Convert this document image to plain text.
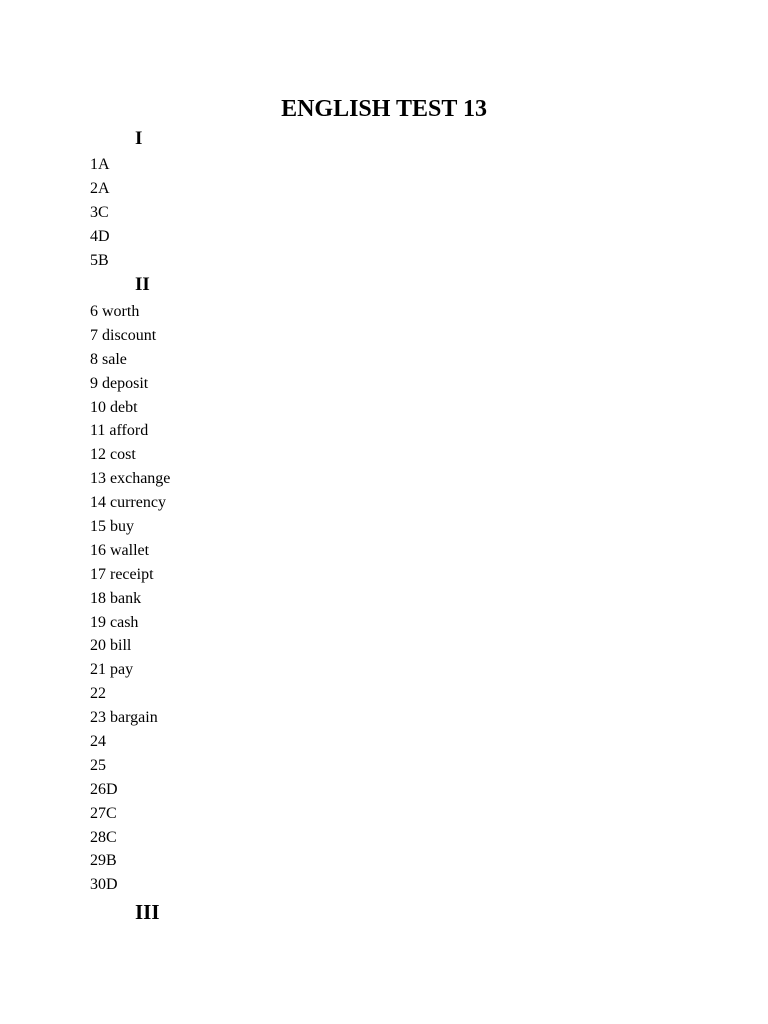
ENGLISH TEST 13
I
1A
2A
3C
4D
5B
II
6 worth
7 discount
8 sale
9 deposit
10 debt
11 afford
12 cost
13 exchange
14 currency
15 buy
16 wallet
17 receipt
18 bank
19 cash
20 bill
21 pay
22
23 bargain
24
25
26D
27C
28C
29B
30D
III
